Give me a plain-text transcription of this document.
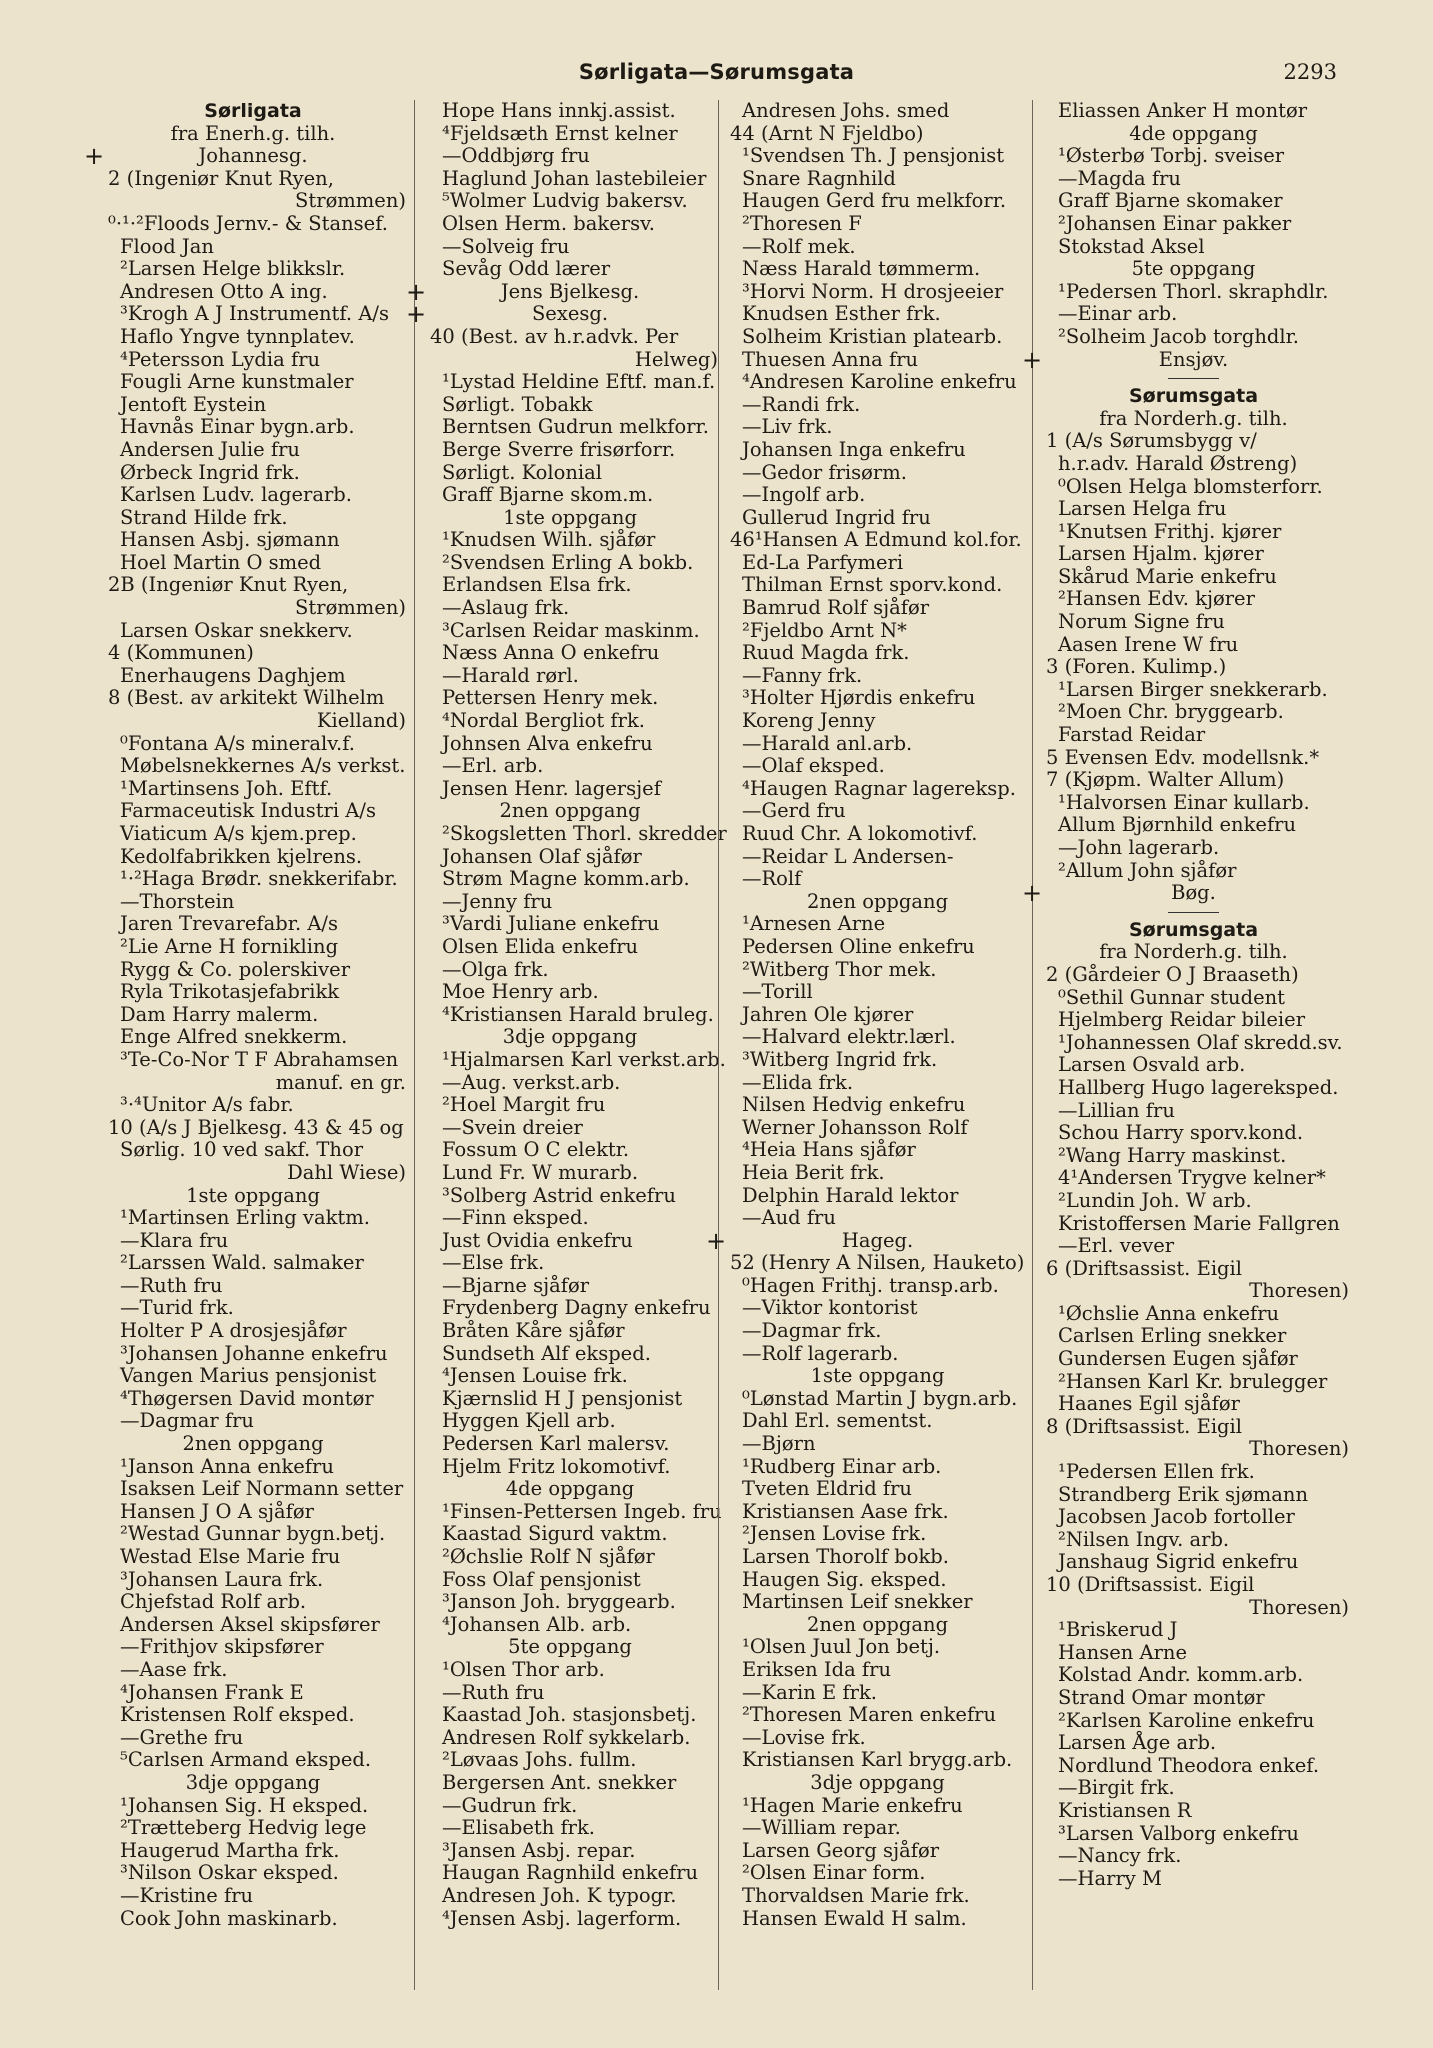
Sørligata—Sørumsgata	2293
Sørligata
fra Enerh.g. tilh.
+	Johannesg.
2 (Ingeniør Knut Ryen,
Strømmen)
⁰·¹·²Floods Jernv.- & Stansef.
Flood Jan
²Larsen Helge blikkslr.
Andresen Otto A ing.
³Krogh A J Instrumentf. A/s
Haflo Yngve tynnplatev.
⁴Petersson Lydia fru
Fougli Arne kunstmaler
Jentoft Eystein
Havnås Einar bygn.arb.
Andersen Julie fru
Ørbeck Ingrid frk.
Karlsen Ludv. lagerarb.
Strand Hilde frk.
Hansen Asbj. sjømann
Hoel Martin O smed
2B (Ingeniør Knut Ryen,
Strømmen)
Larsen Oskar snekkerv.
4 (Kommunen)
Enerhaugens Daghjem
8 (Best. av arkitekt Wilhelm
Kielland)
⁰Fontana A/s mineralv.f.
Møbelsnekkernes A/s verkst.
¹Martinsens Joh. Eftf.
Farmaceutisk Industri A/s
Viaticum A/s kjem.prep.
Kedolfabrikken kjelrens.
¹·²Haga Brødr. snekkerifabr.
—Thorstein
Jaren Trevarefabr. A/s
²Lie Arne H fornikling
Rygg & Co. polerskiver
Ryla Trikotasjefabrikk
Dam Harry malerm.
Enge Alfred snekkerm.
³Te-Co-Nor T F Abrahamsen
manuf. en gr.
³·⁴Unitor A/s fabr.
10 (A/s J Bjelkesg. 43 & 45 og
Sørlig. 10 ved sakf. Thor
Dahl Wiese)
1ste oppgang
¹Martinsen Erling vaktm.
—Klara fru
²Larssen Wald. salmaker
—Ruth fru
—Turid frk.
Holter P A drosjesjåfør
³Johansen Johanne enkefru
Vangen Marius pensjonist
⁴Thøgersen David montør
—Dagmar fru
2nen oppgang
¹Janson Anna enkefru
Isaksen Leif Normann setter
Hansen J O A sjåfør
²Westad Gunnar bygn.betj.
Westad Else Marie fru
³Johansen Laura frk.
Chjefstad Rolf arb.
Andersen Aksel skipsfører
—Frithjov skipsfører
—Aase frk.
⁴Johansen Frank E
Kristensen Rolf eksped.
—Grethe fru
⁵Carlsen Armand eksped.
3dje oppgang
¹Johansen Sig. H eksped.
²Trætteberg Hedvig lege
Haugerud Martha frk.
³Nilson Oskar eksped.
—Kristine fru
Cook John maskinarb.
Hope Hans innkj.assist.
⁴Fjeldsæth Ernst kelner
—Oddbjørg fru
Haglund Johan lastebileier
⁵Wolmer Ludvig bakersv.
Olsen Herm. bakersv.
—Solveig fru
Sevåg Odd lærer
+	Jens Bjelkesg.
+	Sexesg.
40 (Best. av h.r.advk. Per
Helweg)
¹Lystad Heldine Eftf. man.f.
Sørligt. Tobakk
Berntsen Gudrun melkforr.
Berge Sverre frisørforr.
Sørligt. Kolonial
Graff Bjarne skom.m.
1ste oppgang
¹Knudsen Wilh. sjåfør
²Svendsen Erling A bokb.
Erlandsen Elsa frk.
—Aslaug frk.
³Carlsen Reidar maskinm.
Næss Anna O enkefru
—Harald rørl.
Pettersen Henry mek.
⁴Nordal Bergliot frk.
Johnsen Alva enkefru
—Erl. arb.
Jensen Henr. lagersjef
2nen oppgang
²Skogsletten Thorl. skredder
Johansen Olaf sjåfør
Strøm Magne komm.arb.
—Jenny fru
³Vardi Juliane enkefru
Olsen Elida enkefru
—Olga frk.
Moe Henry arb.
⁴Kristiansen Harald bruleg.
3dje oppgang
¹Hjalmarsen Karl verkst.arb.
—Aug. verkst.arb.
²Hoel Margit fru
—Svein dreier
Fossum O C elektr.
Lund Fr. W murarb.
³Solberg Astrid enkefru
—Finn eksped.
Just Ovidia enkefru
—Else frk.
—Bjarne sjåfør
Frydenberg Dagny enkefru
Bråten Kåre sjåfør
Sundseth Alf eksped.
⁴Jensen Louise frk.
Kjærnslid H J pensjonist
Hyggen Kjell arb.
Pedersen Karl malersv.
Hjelm Fritz lokomotivf.
4de oppgang
¹Finsen-Pettersen Ingeb. fru
Kaastad Sigurd vaktm.
²Øchslie Rolf N sjåfør
Foss Olaf pensjonist
³Janson Joh. bryggearb.
⁴Johansen Alb. arb.
5te oppgang
¹Olsen Thor arb.
—Ruth fru
Kaastad Joh. stasjonsbetj.
Andresen Rolf sykkelarb.
²Løvaas Johs. fullm.
Bergersen Ant. snekker
—Gudrun frk.
—Elisabeth frk.
³Jansen Asbj. repar.
Haugan Ragnhild enkefru
Andresen Joh. K typogr.
⁴Jensen Asbj. lagerform.
Andresen Johs. smed
44 (Arnt N Fjeldbo)
¹Svendsen Th. J pensjonist
Snare Ragnhild
Haugen Gerd fru melkforr.
²Thoresen F
—Rolf mek.
Næss Harald tømmerm.
³Horvi Norm. H drosjeeier
Knudsen Esther frk.
Solheim Kristian platearb.
Thuesen Anna fru
⁴Andresen Karoline enkefru
—Randi frk.
—Liv frk.
Johansen Inga enkefru
—Gedor frisørm.
—Ingolf arb.
Gullerud Ingrid fru
46¹Hansen A Edmund kol.for.
Ed-La Parfymeri
Thilman Ernst sporv.kond.
Bamrud Rolf sjåfør
²Fjeldbo Arnt N*
Ruud Magda frk.
—Fanny frk.
³Holter Hjørdis enkefru
Koreng Jenny
—Harald anl.arb.
—Olaf eksped.
⁴Haugen Ragnar lagereksp.
—Gerd fru
Ruud Chr. A lokomotivf.
—Reidar L Andersen-
—Rolf
2nen oppgang
¹Arnesen Arne
Pedersen Oline enkefru
²Witberg Thor mek.
—Torill
Jahren Ole kjører
—Halvard elektr.lærl.
³Witberg Ingrid frk.
—Elida frk.
Nilsen Hedvig enkefru
Werner Johansson Rolf
⁴Heia Hans sjåfør
Heia Berit frk.
Delphin Harald lektor
—Aud fru
+	Hageg.
52 (Henry A Nilsen, Hauketo)
⁰Hagen Frithj. transp.arb.
—Viktor kontorist
—Dagmar frk.
—Rolf lagerarb.
1ste oppgang
⁰Lønstad Martin J bygn.arb.
Dahl Erl. sementst.
—Bjørn
¹Rudberg Einar arb.
Tveten Eldrid fru
Kristiansen Aase frk.
²Jensen Lovise frk.
Larsen Thorolf bokb.
Haugen Sig. eksped.
Martinsen Leif snekker
2nen oppgang
¹Olsen Juul Jon betj.
Eriksen Ida fru
—Karin E frk.
²Thoresen Maren enkefru
—Lovise frk.
Kristiansen Karl brygg.arb.
3dje oppgang
¹Hagen Marie enkefru
—William repar.
Larsen Georg sjåfør
²Olsen Einar form.
Thorvaldsen Marie frk.
Hansen Ewald H salm.
Eliassen Anker H montør
4de oppgang
¹Østerbø Torbj. sveiser
—Magda fru
Graff Bjarne skomaker
²Johansen Einar pakker
Stokstad Aksel
5te oppgang
¹Pedersen Thorl. skraphdlr.
—Einar arb.
²Solheim Jacob torghdlr.
+	Ensjøv.
Sørumsgata
fra Norderh.g. tilh.
1 (A/s Sørumsbygg v/
h.r.adv. Harald Østreng)
⁰Olsen Helga blomsterforr.
Larsen Helga fru
¹Knutsen Frithj. kjører
Larsen Hjalm. kjører
Skårud Marie enkefru
²Hansen Edv. kjører
Norum Signe fru
Aasen Irene W fru
3 (Foren. Kulimp.)
¹Larsen Birger snekkerarb.
²Moen Chr. bryggearb.
Farstad Reidar
5 Evensen Edv. modellsnk.*
7 (Kjøpm. Walter Allum)
¹Halvorsen Einar kullarb.
Allum Bjørnhild enkefru
—John lagerarb.
²Allum John sjåfør
+	Bøg.
Sørumsgata
fra Norderh.g. tilh.
2 (Gårdeier O J Braaseth)
⁰Sethil Gunnar student
Hjelmberg Reidar bileier
¹Johannessen Olaf skredd.sv.
Larsen Osvald arb.
Hallberg Hugo lagereksped.
—Lillian fru
Schou Harry sporv.kond.
²Wang Harry maskinst.
4¹Andersen Trygve kelner*
²Lundin Joh. W arb.
Kristoffersen Marie Fallgren
—Erl. vever
6 (Driftsassist. Eigil
Thoresen)
¹Øchslie Anna enkefru
Carlsen Erling snekker
Gundersen Eugen sjåfør
²Hansen Karl Kr. brulegger
Haanes Egil sjåfør
8 (Driftsassist. Eigil
Thoresen)
¹Pedersen Ellen frk.
Strandberg Erik sjømann
Jacobsen Jacob fortoller
²Nilsen Ingv. arb.
Janshaug Sigrid enkefru
10 (Driftsassist. Eigil
Thoresen)
¹Briskerud J
Hansen Arne
Kolstad Andr. komm.arb.
Strand Omar montør
²Karlsen Karoline enkefru
Larsen Åge arb.
Nordlund Theodora enkef.
—Birgit frk.
Kristiansen R
³Larsen Valborg enkefru
—Nancy frk.
—Harry M
